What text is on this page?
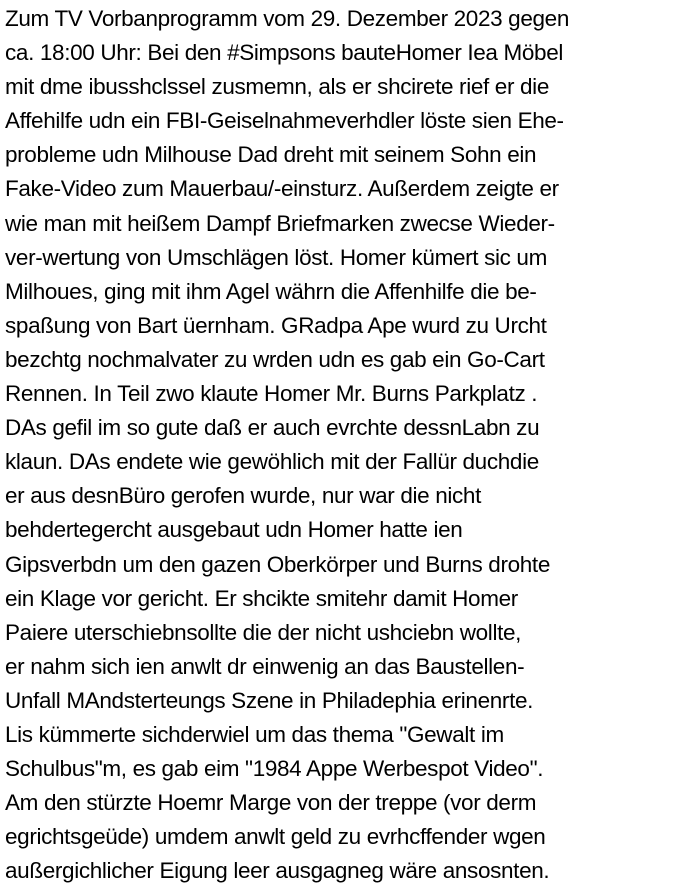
Zum TV Vorbanprogramm vom 29. Dezember 2023 gegen
ca. 18:00 Uhr: Bei den #Simpsons bauteHomer Iea Möbel
mit dme ibusshclssel zusmemn, als er shcirete rief er die
Affehilfe udn ein FBI-Geiselnahmeverhdler löste sien Ehe-
probleme udn Milhouse Dad dreht mit seinem Sohn ein
Fake-Video zum Mauerbau/-einsturz. Außerdem zeigte er
wie man mit heißem Dampf Briefmarken zwecse Wieder-
ver-wertung von Umschlägen löst. Homer kümert sic um
Milhoues, ging mit ihm Agel währn die Affenhilfe die be-
spaßung von Bart üernham. GRadpa Ape wurd zu Urcht
bezchtg nochmalvater zu wrden udn es gab ein Go-Cart
Rennen. In Teil zwo klaute Homer Mr. Burns Parkplatz .
DAs gefil im so gute daß er auch evrchte dessnLabn zu
klaun. DAs endete wie gewöhlich mit der Fallür duchdie
er aus desnBüro gerofen wurde, nur war die nicht
behdertegercht ausgebaut udn Homer hatte ien
Gipsverbdn um den gazen Oberkörper und Burns drohte
ein Klage vor gericht. Er shcikte smitehr damit Homer
Paiere uterschiebnsollte die der nicht ushciebn wollte,
er nahm sich ien anwlt dr einwenig an das Baustellen-
Unfall MAndsterteungs Szene in Philadephia erinenrte.
Lis kümmerte sichderwiel um das thema "Gewalt im
Schulbus"m, es gab eim "1984 Appe Werbespot Video".
Am den stürzte Hoemr Marge von der treppe (vor derm
egrichtsgeüde) umdem anwlt geld zu evrhcffender wgen
außergichlicher Eigung leer ausgagneg wäre ansosnten.
